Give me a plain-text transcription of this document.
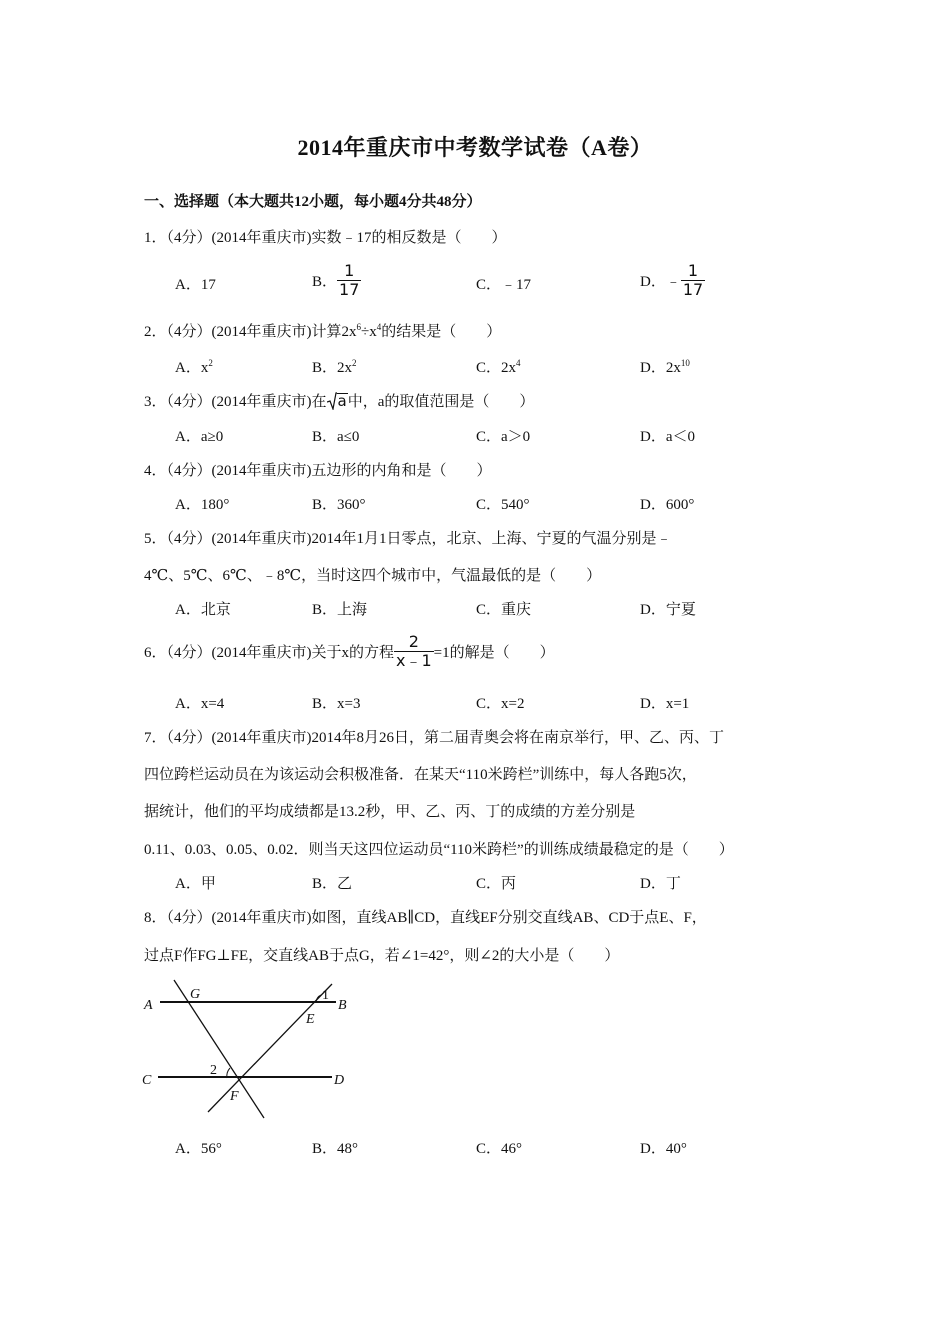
2014年重庆市中考数学试卷（A卷）
一、选择题（本大题共12小题，每小题4分共48分）
1．（4分）(2014年重庆市)实数﹣17的相反数是（　　）
A．17	B． $\frac{1}{17}$	C．﹣17	D．﹣ $\frac{1}{17}$
2．（4分）(2014年重庆市)计算$2x^6\div x^4$的结果是（　　）
A．$x^2$	B．$2x^2$	C．$2x^4$	D．$2x^{10}$
3．（4分）(2014年重庆市)在 a中，a的取值范围是（　　）
A．a≥0	B．a≤0	C．a＞0	D．a＜0
4．（4分）(2014年重庆市)五边形的内角和是（　　）
A．180°	B．360°	C．540°	D．600°
5．（4分）(2014年重庆市)2014年1月1日零点，北京、上海、宁夏的气温分别是﹣
4℃、5℃、6℃、﹣8℃，当时这四个城市中，气温最低的是（　　）
A．北京	B．上海	C．重庆	D．宁夏
6．（4分）(2014年重庆市)关于x的方程 $\frac{2}{x﹣1} =1$的解是（　　）
A．x=4	B．x=3	C．x=2	D．x=1
7．（4分）(2014年重庆市)2014年8月26日，第二届青奥会将在南京举行，甲、乙、丙、丁
四位跨栏运动员在为该运动会积极准备．在某天“110米跨栏”训练中，每人各跑5次，
据统计，他们的平均成绩都是13.2秒，甲、乙、丙、丁的成绩的方差分别是
0.11、0.03、0.05、0.02．则当天这四位运动员“110米跨栏”的训练成绩最稳定的是（　　）
A．甲	B．乙	C．丙	D．丁
8．（4分）(2014年重庆市)如图，直线AB∥CD，直线EF分别交直线AB、CD于点E、F，
过点F作FG⊥FE，交直线AB于点G，若∠1=42°，则∠2的大小是（　　）
A
G
B
1
E
C
2
D
F
A．56°	B．48°	C．46°	D．40°
